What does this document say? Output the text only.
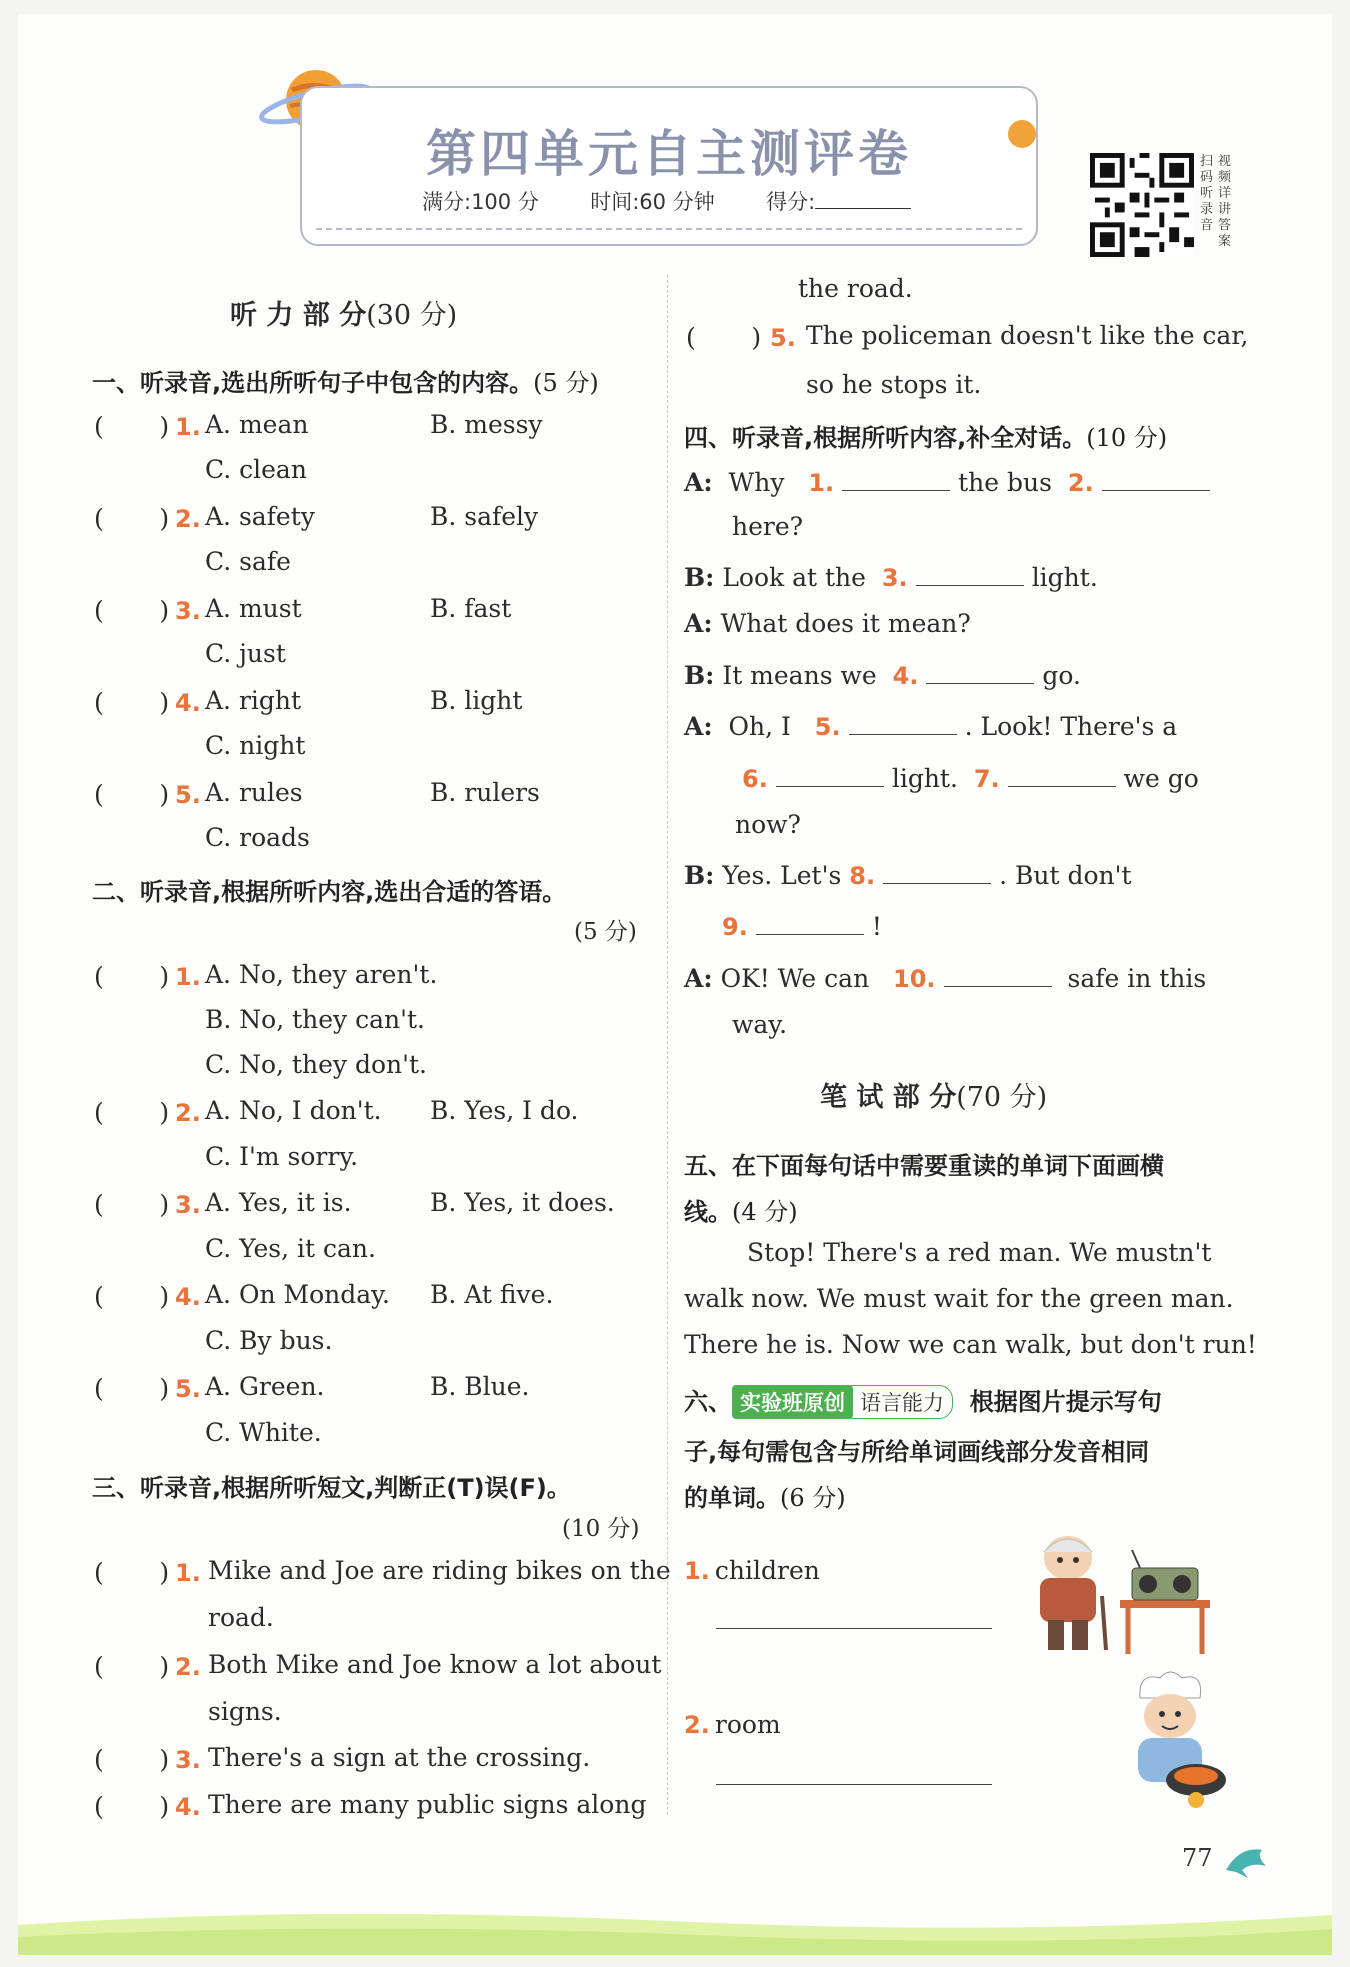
第四单元自主测评卷
满分:100 分 时间:60 分钟 得分:
扫码听录音
视频详讲答案
听 力 部 分(30 分)
一、听录音,选出所听句子中包含的内容。(5 分)
(       ) 1. A. mean	B. messy
C. clean
(       ) 2. A. safety	B. safely
C. safe
(       ) 3. A. must	B. fast
C. just
(       ) 4. A. right	B. light
C. night
(       ) 5. A. rules	B. rulers
C. roads
二、听录音,根据所听内容,选出合适的答语。
(5 分)
(       ) 1. A. No, they aren't.
B. No, they can't.
C. No, they don't.
(       ) 2. A. No, I don't. B. Yes, I do.
C. I'm sorry.
(       ) 3. A. Yes, it is.	B. Yes, it does.
C. Yes, it can.
(       ) 4. A. On Monday. B. At five.
C. By bus.
(       ) 5. A. Green.	B. Blue.
C. White.
三、听录音,根据所听短文,判断正(T)误(F)。
(10 分)
(       ) 1. Mike and Joe are riding bikes on the
road.
(       ) 2. Both Mike and Joe know a lot about
signs.
(       ) 3. There's a sign at the crossing.
(       ) 4. There are many public signs along
the road.
(       ) 5. The policeman doesn't like the car,
so he stops it.
四、听录音,根据所听内容,补全对话。(10 分)
A: Why 1.	the bus 2.
here?
B: Look at the 3.	light.
A: What does it mean?
B: It means we 4.	go.
A: Oh, I 5.	. Look! There's a
6.	light. 7.	we go
now?
B: Yes. Let's 8.	. But don't
9.	!
A: OK! We can 10.	safe in this
way.
笔 试 部 分(70 分)
五、在下面每句话中需要重读的单词下面画横
线。(4 分)
Stop! There's a red man. We mustn't
walk now. We must wait for the green man.
There he is. Now we can walk, but don't run!
六、 实验班原创 语言能力 根据图片提示写句
子,每句需包含与所给单词画线部分发音相同
的单词。(6 分)
1. children
2. room
77
